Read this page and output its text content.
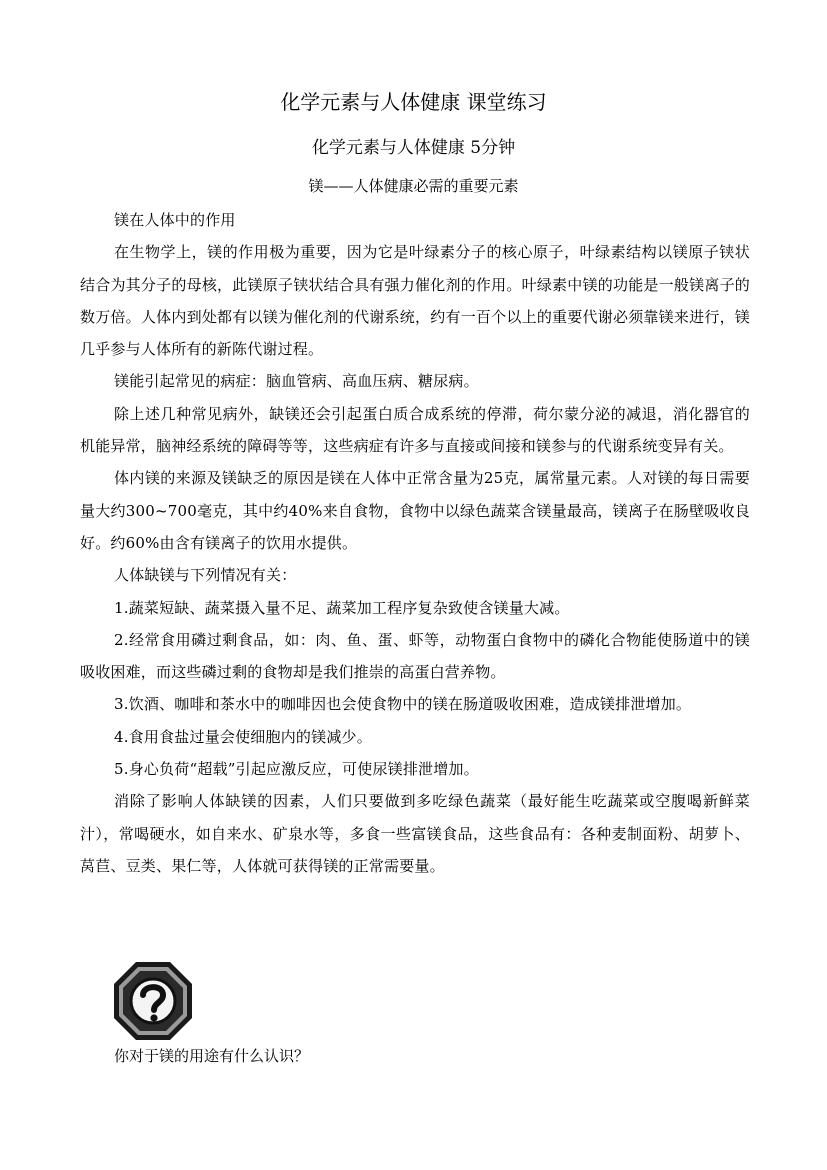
化学元素与人体健康 课堂练习
化学元素与人体健康 5分钟
镁——人体健康必需的重要元素

镁在人体中的作用

在生物学上，镁的作用极为重要，因为它是叶绿素分子的核心原子，叶绿素结构以镁原子铗状结合为其分子的母核，此镁原子铗状结合具有强力催化剂的作用。叶绿素中镁的功能是一般镁离子的数万倍。人体内到处都有以镁为催化剂的代谢系统，约有一百个以上的重要代谢必须靠镁来进行，镁几乎参与人体所有的新陈代谢过程。

镁能引起常见的病症：脑血管病、高血压病、糖尿病。

除上述几种常见病外，缺镁还会引起蛋白质合成系统的停滞，荷尔蒙分泌的减退，消化器官的机能异常，脑神经系统的障碍等等，这些病症有许多与直接或间接和镁参与的代谢系统变异有关。

体内镁的来源及镁缺乏的原因是镁在人体中正常含量为25克，属常量元素。人对镁的每日需要量大约300~700毫克，其中约40%来自食物，食物中以绿色蔬菜含镁量最高，镁离子在肠壁吸收良好。约60%由含有镁离子的饮用水提供。

人体缺镁与下列情况有关：

1.蔬菜短缺、蔬菜摄入量不足、蔬菜加工程序复杂致使含镁量大减。

2.经常食用磷过剩食品，如：肉、鱼、蛋、虾等，动物蛋白食物中的磷化合物能使肠道中的镁吸收困难，而这些磷过剩的食物却是我们推崇的高蛋白营养物。

3.饮酒、咖啡和茶水中的咖啡因也会使食物中的镁在肠道吸收困难，造成镁排泄增加。

4.食用食盐过量会使细胞内的镁减少。

5.身心负荷“超载”引起应激反应，可使尿镁排泄增加。

消除了影响人体缺镁的因素，人们只要做到多吃绿色蔬菜（最好能生吃蔬菜或空腹喝新鲜菜汁），常喝硬水，如自来水、矿泉水等，多食一些富镁食品，这些食品有：各种麦制面粉、胡萝卜、莴苣、豆类、果仁等，人体就可获得镁的正常需要量。

你对于镁的用途有什么认识？
